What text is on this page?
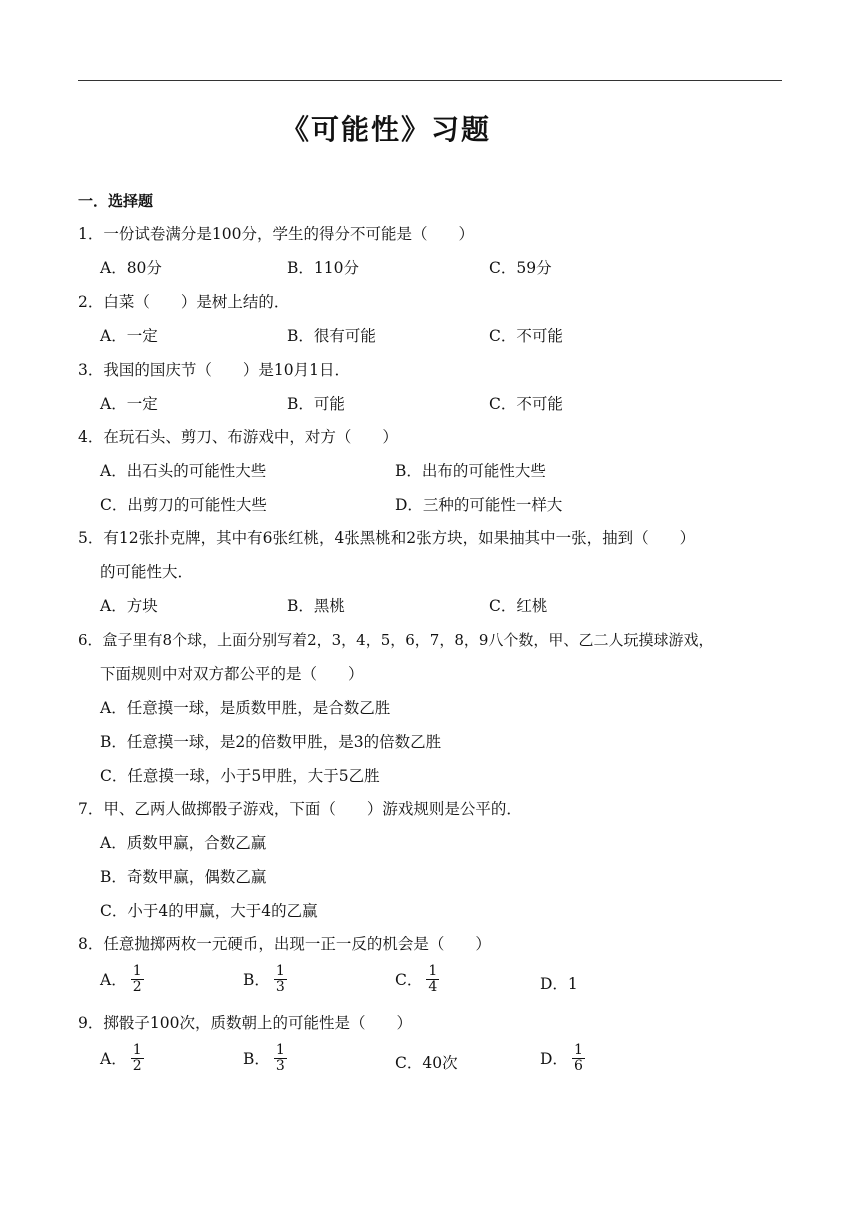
《可能性》习题
一．选择题
1．一份试卷满分是100分，学生的得分不可能是（　　）
A．80分	B．110分	C．59分
2．白菜（　　）是树上结的．
A．一定	B．很有可能	C．不可能
3．我国的国庆节（　　）是10月1日．
A．一定	B．可能	C．不可能
4．在玩石头、剪刀、布游戏中，对方（　　）
A．出石头的可能性大些	B．出布的可能性大些
C．出剪刀的可能性大些	D．三种的可能性一样大
5．有12张扑克牌，其中有6张红桃，4张黑桃和2张方块，如果抽其中一张，抽到（　　）
的可能性大．
A．方块	B．黑桃	C．红桃
6．盒子里有8个球，上面分别写着2，3，4，5，6，7，8，9八个数，甲、乙二人玩摸球游戏，
下面规则中对双方都公平的是（　　）
A．任意摸一球，是质数甲胜，是合数乙胜
B．任意摸一球，是2的倍数甲胜，是3的倍数乙胜
C．任意摸一球，小于5甲胜，大于5乙胜
7．甲、乙两人做掷骰子游戏，下面（　　）游戏规则是公平的．
A．质数甲赢，合数乙赢
B．奇数甲赢，偶数乙赢
C．小于4的甲赢，大于4的乙赢
8．任意抛掷两枚一元硬币，出现一正一反的机会是（　　）
A． $\frac{1}{2}$	B． $\frac{1}{3}$	C． $\frac{1}{4}$	D．1
9．掷骰子100次，质数朝上的可能性是（　　）
A． $\frac{1}{2}$	B． $\frac{1}{3}$	C．40次	D． $\frac{1}{6}$
